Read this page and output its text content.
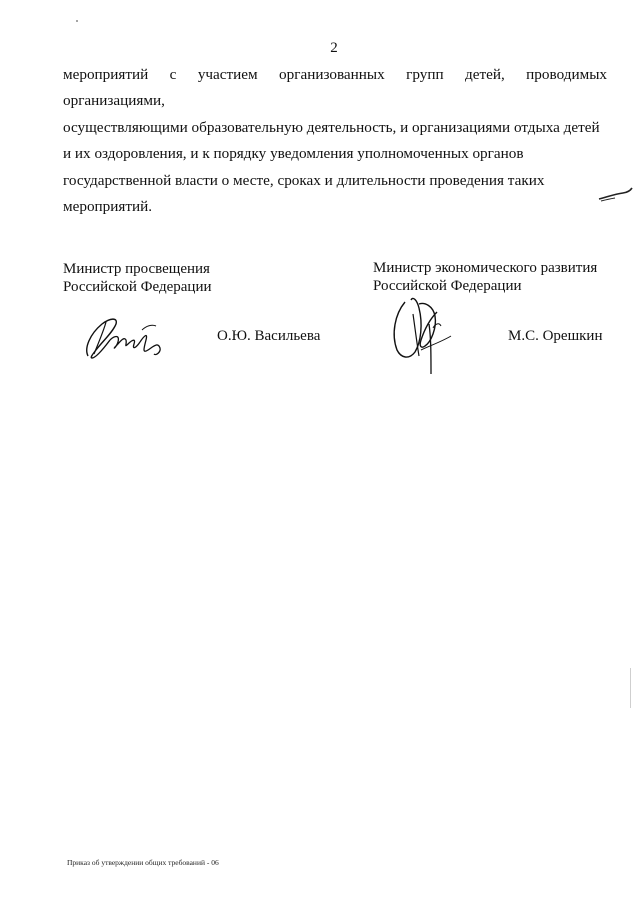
2

мероприятий с участием организованных групп детей, проводимых организациями,

осуществляющими образовательную деятельность, и организациями отдыха детей

и их оздоровления, и к порядку уведомления уполномоченных органов

государственной власти о месте, сроках и длительности проведения таких

мероприятий.

Министр просвещения
Российской Федерации
О.Ю. Васильева
Министр экономического развития
Российской Федерации
М.С. Орешкин
Приказ об утверждении общих требований - 06
